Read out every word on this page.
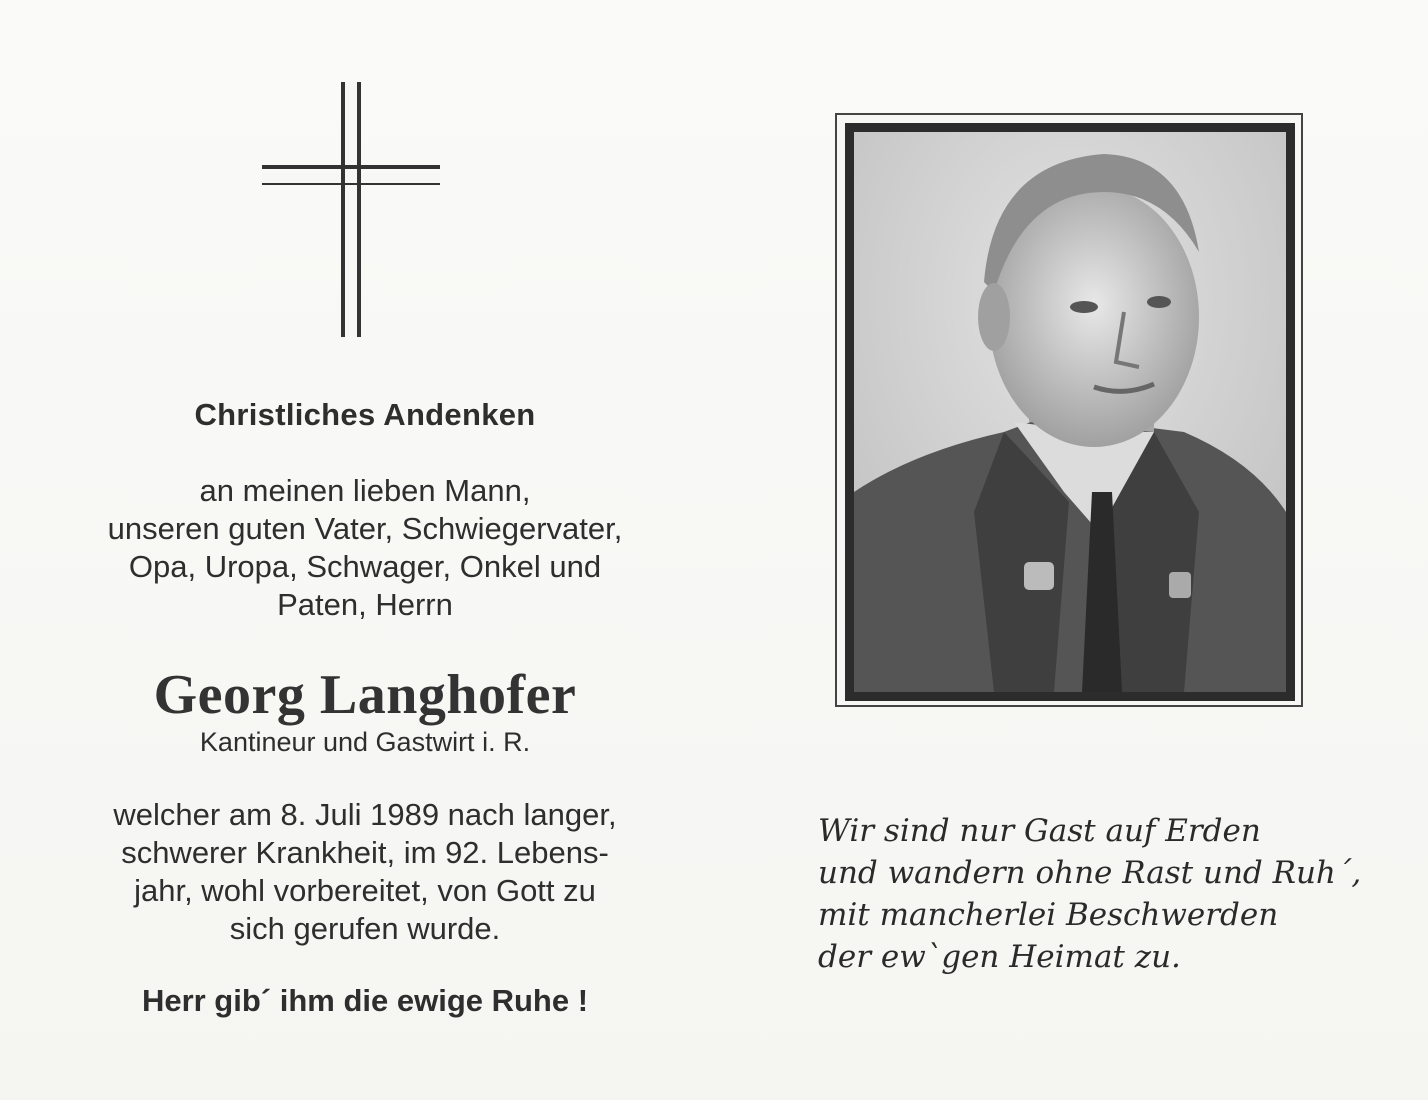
Christliches Andenken
an meinen lieben Mann,
unseren guten Vater, Schwiegervater,
Opa, Uropa, Schwager, Onkel und
Paten, Herrn
Georg Langhofer
Kantineur und Gastwirt i. R.
welcher am 8. Juli 1989 nach langer,
schwerer Krankheit, im 92. Lebens-
jahr, wohl vorbereitet, von Gott zu
sich gerufen wurde.
Herr gib´ ihm die ewige Ruhe !
Wir sind nur Gast auf Erden
und wandern ohne Rast und Ruh´,
mit mancherlei Beschwerden
der ew`gen Heimat zu.
